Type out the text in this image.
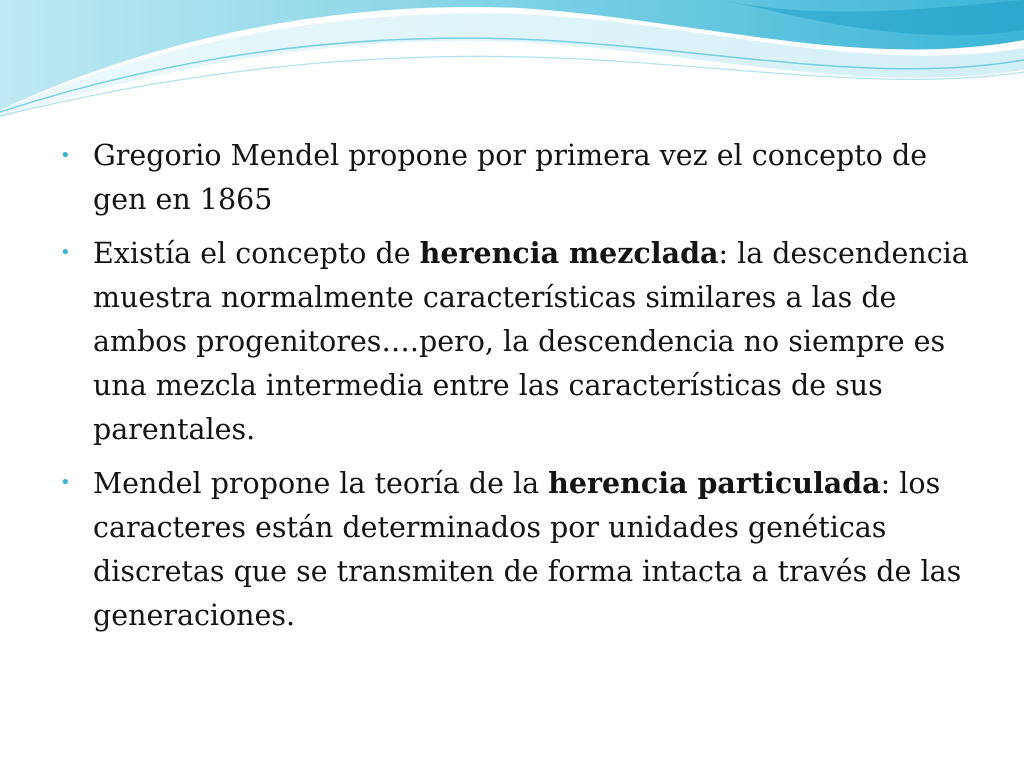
• Gregorio Mendel propone por primera vez el concepto de gen en 1865
• Existía el concepto de herencia mezclada: la descendencia muestra normalmente características similares a las de ambos progenitores….pero, la descendencia no siempre es una mezcla intermedia entre las características de sus parentales.
• Mendel propone la teoría de la herencia particulada: los caracteres están determinados por unidades genéticas discretas que se transmiten de forma intacta a través de las generaciones.
